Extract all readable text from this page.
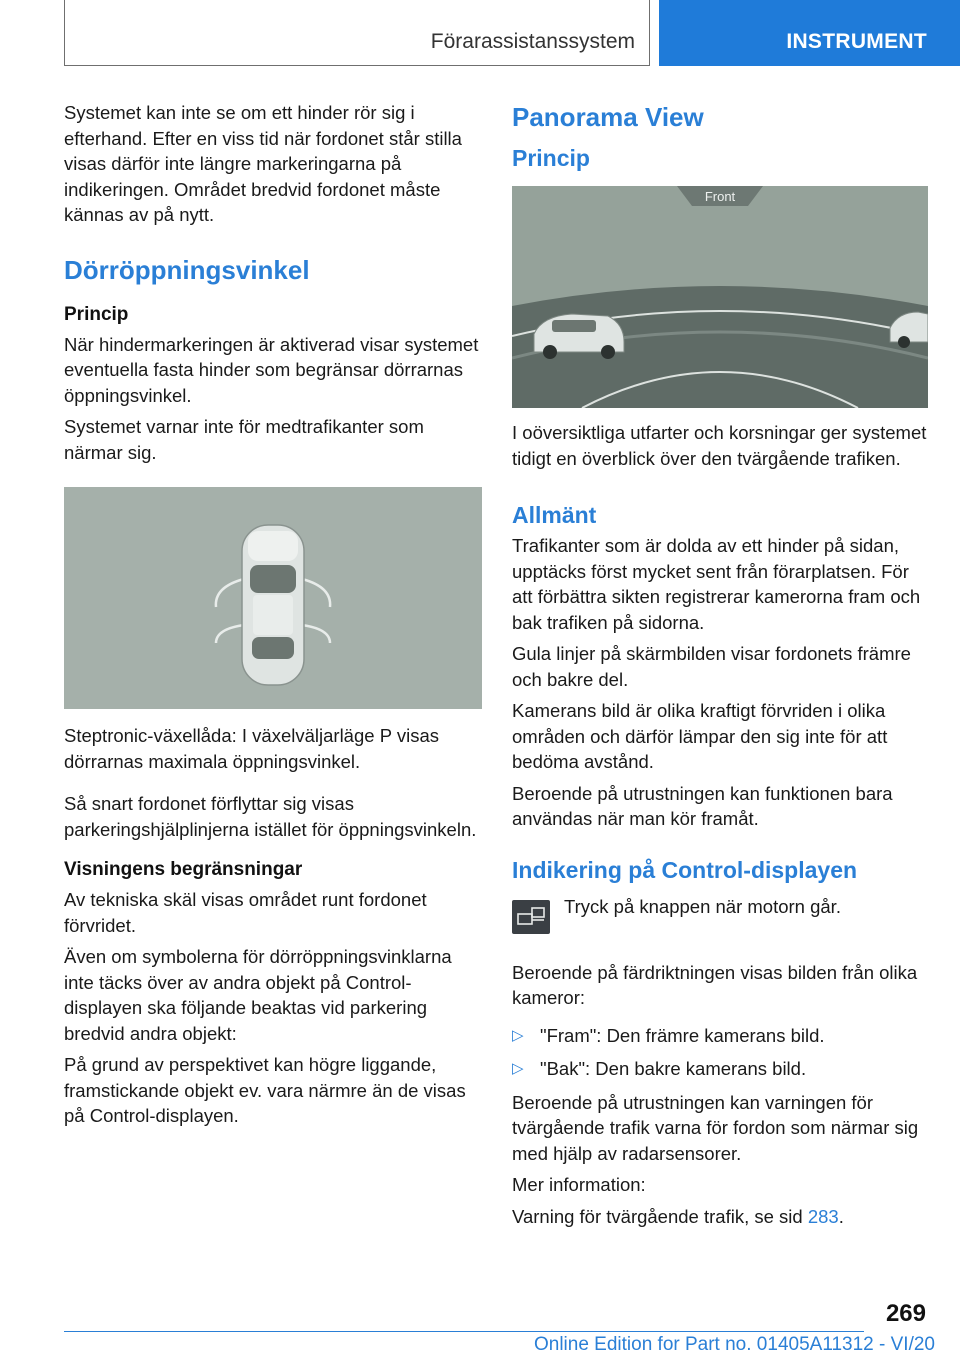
Förarassistanssystem	INSTRUMENT

Systemet kan inte se om ett hinder rör sig i efterhand. Efter en viss tid när fordonet står stilla visas därför inte längre markeringarna på indikeringen. Området bredvid fordonet måste kännas av på nytt.

Dörröppningsvinkel
Princip

När hindermarkeringen är aktiverad visar systemet eventuella fasta hinder som begränsar dörrarnas öppningsvinkel.

Systemet varnar inte för medtrafikanter som närmar sig.

Steptronic-växellåda: I växelväljarläge P visas dörrarnas maximala öppningsvinkel.

Så snart fordonet förflyttar sig visas parkeringshjälplinjerna istället för öppningsvinkeln.

Visningens begränsningar

Av tekniska skäl visas området runt fordonet förvridet.

Även om symbolerna för dörröppningsvinklarna inte täcks över av andra objekt på Control-displayen ska följande beaktas vid parkering bredvid andra objekt:

På grund av perspektivet kan högre liggande, framstickande objekt ev. vara närmre än de visas på Control-displayen.

Panorama View
Princip
Front

I oöversiktliga utfarter och korsningar ger systemet tidigt en överblick över den tvärgående trafiken.

Allmänt

Trafikanter som är dolda av ett hinder på sidan, upptäcks först mycket sent från förarplatsen. För att förbättra sikten registrerar kamerorna fram och bak trafiken på sidorna.

Gula linjer på skärmbilden visar fordonets främre och bakre del.

Kamerans bild är olika kraftigt förvriden i olika områden och därför lämpar den sig inte för att bedöma avstånd.

Beroende på utrustningen kan funktionen bara användas när man kör framåt.

Indikering på Control-displayen

Tryck på knappen när motorn går.

Beroende på färdriktningen visas bilden från olika kameror:

▷ "Fram": Den främre kamerans bild.
▷ "Bak": Den bakre kamerans bild.

Beroende på utrustningen kan varningen för tvärgående trafik varna för fordon som närmar sig med hjälp av radarsensorer.

Mer information:

Varning för tvärgående trafik, se sid 283.

269
Online Edition for Part no. 01405A11312 - VI/20
